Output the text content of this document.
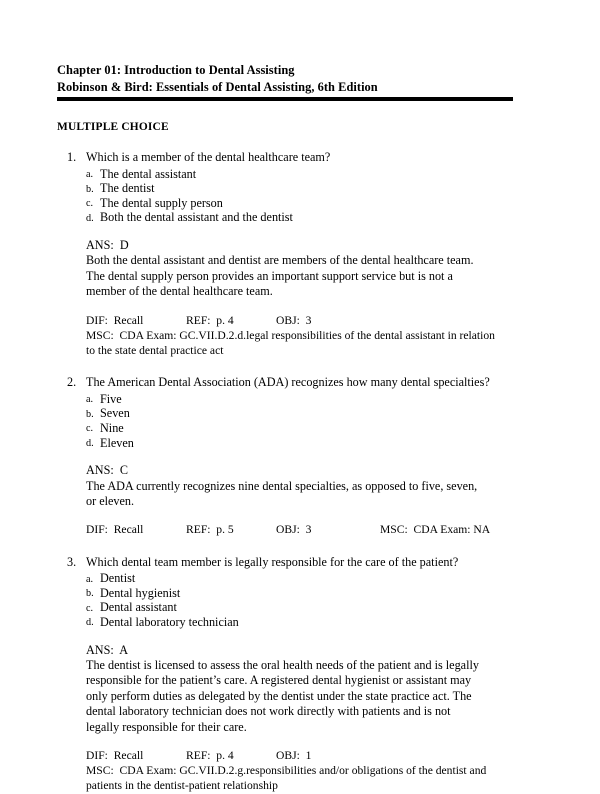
Chapter 01: Introduction to Dental Assisting
Robinson & Bird: Essentials of Dental Assisting, 6th Edition
MULTIPLE CHOICE
1. Which is a member of the dental healthcare team?
a. The dental assistant
b. The dentist
c. The dental supply person
d. Both the dental assistant and the dentist
ANS:  D
Both the dental assistant and dentist are members of the dental healthcare team. The dental supply person provides an important support service but is not a member of the dental healthcare team.
DIF: Recall	REF: p. 4	OBJ: 3
MSC: CDA Exam: GC.VII.D.2.d.legal responsibilities of the dental assistant in relation to the state dental practice act
2. The American Dental Association (ADA) recognizes how many dental specialties?
a. Five
b. Seven
c. Nine
d. Eleven
ANS:  C
The ADA currently recognizes nine dental specialties, as opposed to five, seven, or eleven.
DIF: Recall	REF: p. 5	OBJ: 3	MSC: CDA Exam: NA
3. Which dental team member is legally responsible for the care of the patient?
a. Dentist
b. Dental hygienist
c. Dental assistant
d. Dental laboratory technician
ANS:  A
The dentist is licensed to assess the oral health needs of the patient and is legally responsible for the patient’s care. A registered dental hygienist or assistant may only perform duties as delegated by the dentist under the state practice act. The dental laboratory technician does not work directly with patients and is not legally responsible for their care.
DIF: Recall	REF: p. 4	OBJ: 1
MSC: CDA Exam: GC.VII.D.2.g.responsibilities and/or obligations of the dentist and patients in the dentist-patient relationship
